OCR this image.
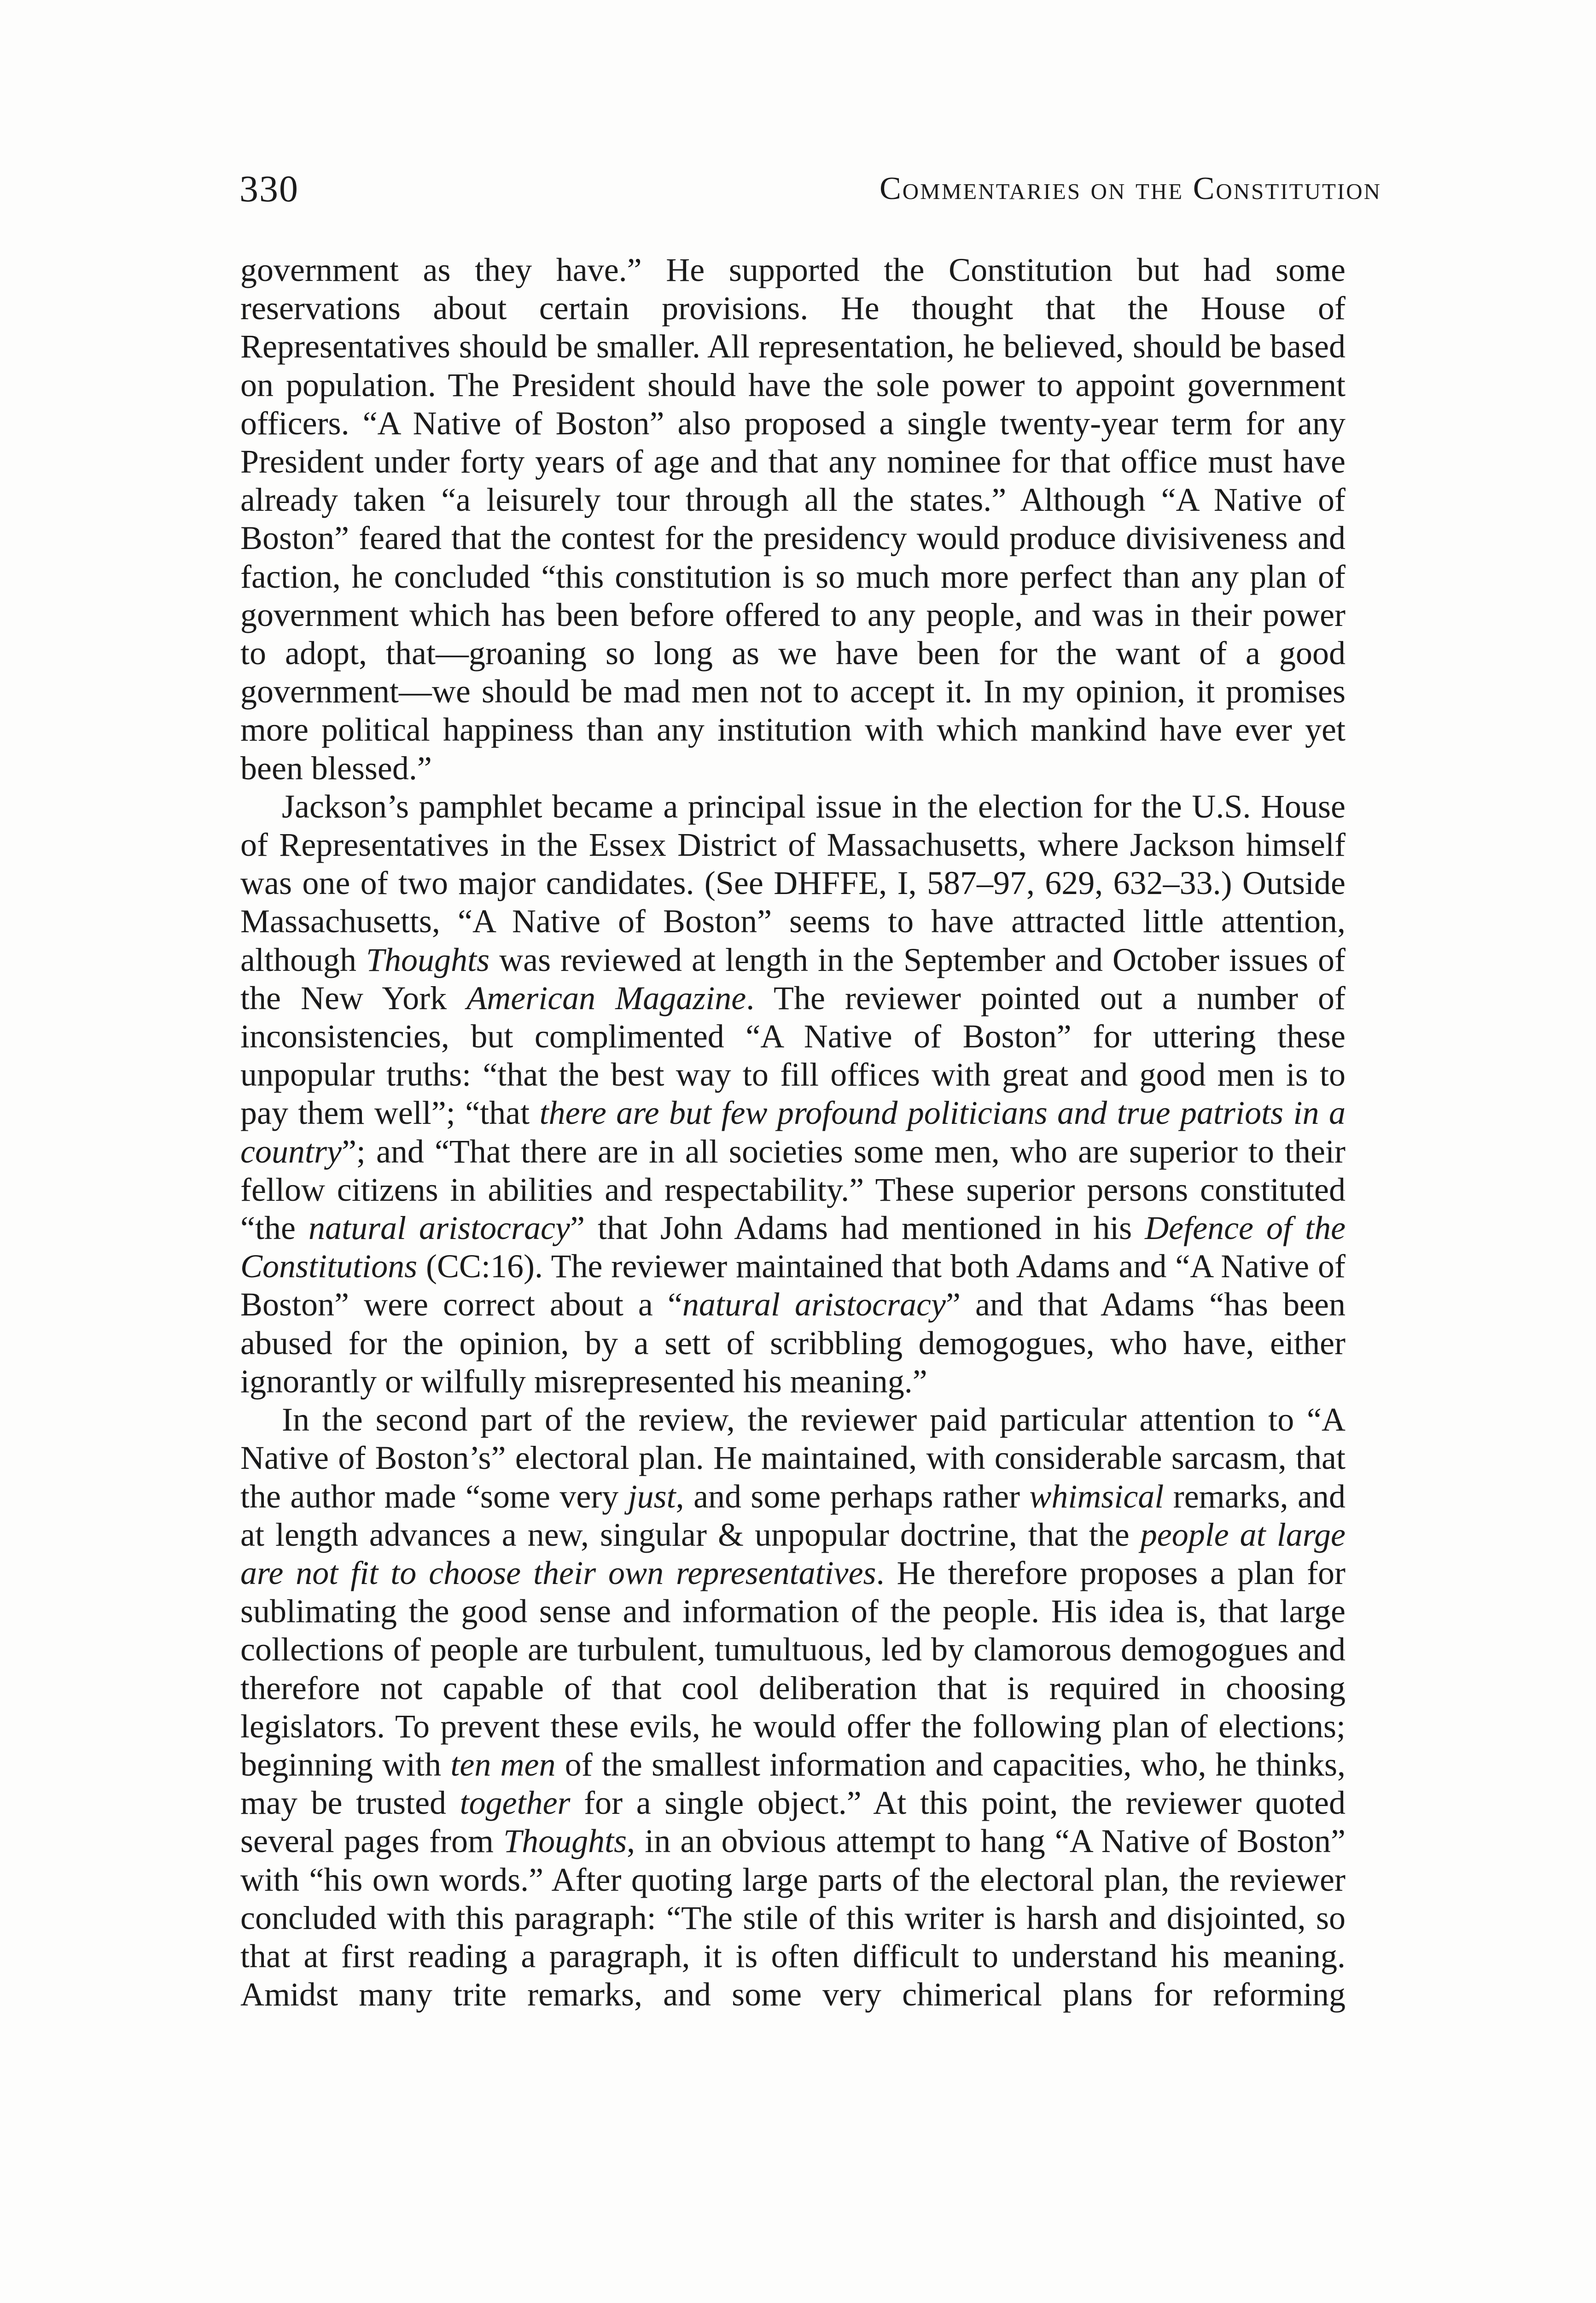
330	Commentaries on the Constitution

government as they have.” He supported the Constitution but had some reservations about certain provisions. He thought that the House of Representatives should be smaller. All representation, he believed, should be based on population. The President should have the sole power to appoint government officers. “A Native of Boston” also proposed a single twenty-year term for any President under forty years of age and that any nominee for that office must have already taken “a leisurely tour through all the states.” Although “A Native of Boston” feared that the contest for the presidency would produce divisiveness and faction, he concluded “this constitution is so much more perfect than any plan of government which has been before offered to any people, and was in their power to adopt, that—groaning so long as we have been for the want of a good government—we should be mad men not to accept it. In my opinion, it promises more political happiness than any institution with which mankind have ever yet been blessed.”

Jackson’s pamphlet became a principal issue in the election for the U.S. House of Representatives in the Essex District of Massachusetts, where Jackson himself was one of two major candidates. (See DHFFE, I, 587–97, 629, 632–33.) Outside Massachusetts, “A Native of Boston” seems to have attracted little attention, although Thoughts was reviewed at length in the September and October issues of the New York American Magazine. The reviewer pointed out a number of inconsistencies, but complimented “A Native of Boston” for uttering these unpopular truths: “that the best way to fill offices with great and good men is to pay them well”; “that there are but few profound politicians and true patriots in a country”; and “That there are in all societies some men, who are superior to their fellow citizens in abilities and respectability.” These superior persons constituted “the natural aristocracy” that John Adams had mentioned in his Defence of the Constitutions (CC:16). The reviewer maintained that both Adams and “A Native of Boston” were correct about a “natural aristocracy” and that Adams “has been abused for the opinion, by a sett of scribbling demogogues, who have, either ignorantly or wilfully misrepresented his meaning.”

In the second part of the review, the reviewer paid particular attention to “A Native of Boston’s” electoral plan. He maintained, with considerable sarcasm, that the author made “some very just, and some perhaps rather whimsical remarks, and at length advances a new, singular & unpopular doctrine, that the people at large are not fit to choose their own representatives. He therefore proposes a plan for sublimating the good sense and information of the people. His idea is, that large collections of people are turbulent, tumultuous, led by clamorous demogogues and therefore not capable of that cool deliberation that is required in choosing legislators. To prevent these evils, he would offer the following plan of elections; beginning with ten men of the smallest information and capacities, who, he thinks, may be trusted together for a single object.” At this point, the reviewer quoted several pages from Thoughts, in an obvious attempt to hang “A Native of Boston” with “his own words.” After quoting large parts of the electoral plan, the reviewer concluded with this paragraph: “The stile of this writer is harsh and disjointed, so that at first reading a paragraph, it is often difficult to understand his meaning. Amidst many trite remarks, and some very chimerical plans for reforming
